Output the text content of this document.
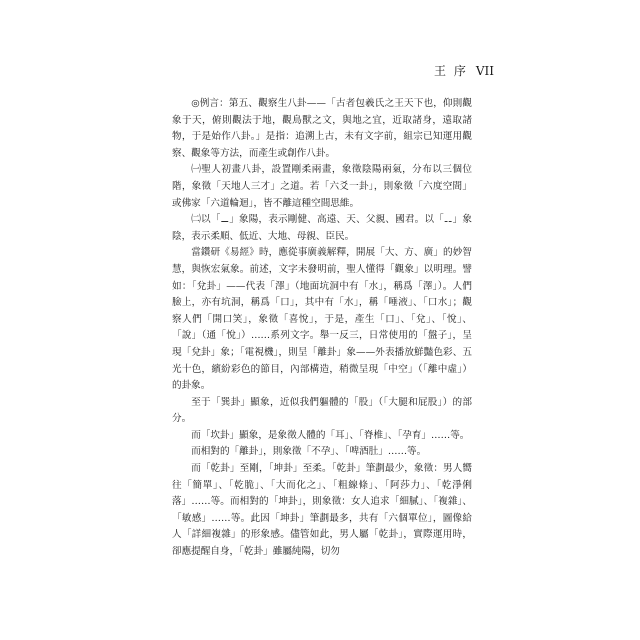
王 序 VII

◎例言：第五、觀察生八卦——「古者包羲氏之王天下也，仰則觀象于天，俯則觀法于地，觀鳥獸之文，與地之宜，近取諸身，遠取諸物，于是始作八卦。」是指：追溯上古，未有文字前，組宗已知運用觀察、觀象等方法，而產生或創作八卦。

㈠聖人初畫八卦，設置剛柔兩畫，象徵陰陽兩氣，分布以三個位階，象徵「天地人三才」之道。若「六爻一卦」，則象徵「六度空間」或佛家「六道輪迴」，皆不離這種空間思維。

㈡以「⚊」象陽，表示剛健、高遠、天、父親、國君。以「⚋」象陰，表示柔順、低近、大地、母親、臣民。

當鑽研《易經》時，應從事廣義解釋，開展「大、方、廣」的妙智慧，與恢宏氣象。前述，文字未發明前，聖人懂得「觀象」以明理。譬如：「兌卦」——代表「澤」（地面坑洞中有「水」，稱爲「澤」）。人們臉上，亦有坑洞，稱爲「口」，其中有「水」，稱「唾液」、「口水」；觀察人們「開口笑」，象徵「喜悅」，于是，產生「口」、「兌」、「悅」、「說」（通「悅」）……系列文字。舉一反三，日常使用的「盤子」，呈現「兌卦」象；「電視機」，則呈「離卦」象——外表播放鮮豔色彩、五光十色，繽紛彩色的節目，內部構造，稍微呈現「中空」（「離中虛」）的卦象。

至于「巽卦」顯象，近似我們軀體的「股」（「大腿和屁股」）的部分。

而「坎卦」顯象，是象徵人體的「耳」、「脊椎」、「孕育」……等。

而相對的「離卦」，則象徵「不孕」、「啤酒肚」……等。

而「乾卦」至剛，「坤卦」至柔。「乾卦」筆劃最少，象徵：男人嚮往「簡單」、「乾脆」、「大而化之」、「粗線條」、「阿莎力」、「乾淨俐落」……等。而相對的「坤卦」，則象徵：女人追求「細膩」、「複雜」、「敏感」……等。此因「坤卦」筆劃最多，共有「六個單位」，圖像給人「詳細複雜」的形象感。儘管如此，男人屬「乾卦」，實際運用時，卻應提醒自身，「乾卦」雖屬純陽，切勿
